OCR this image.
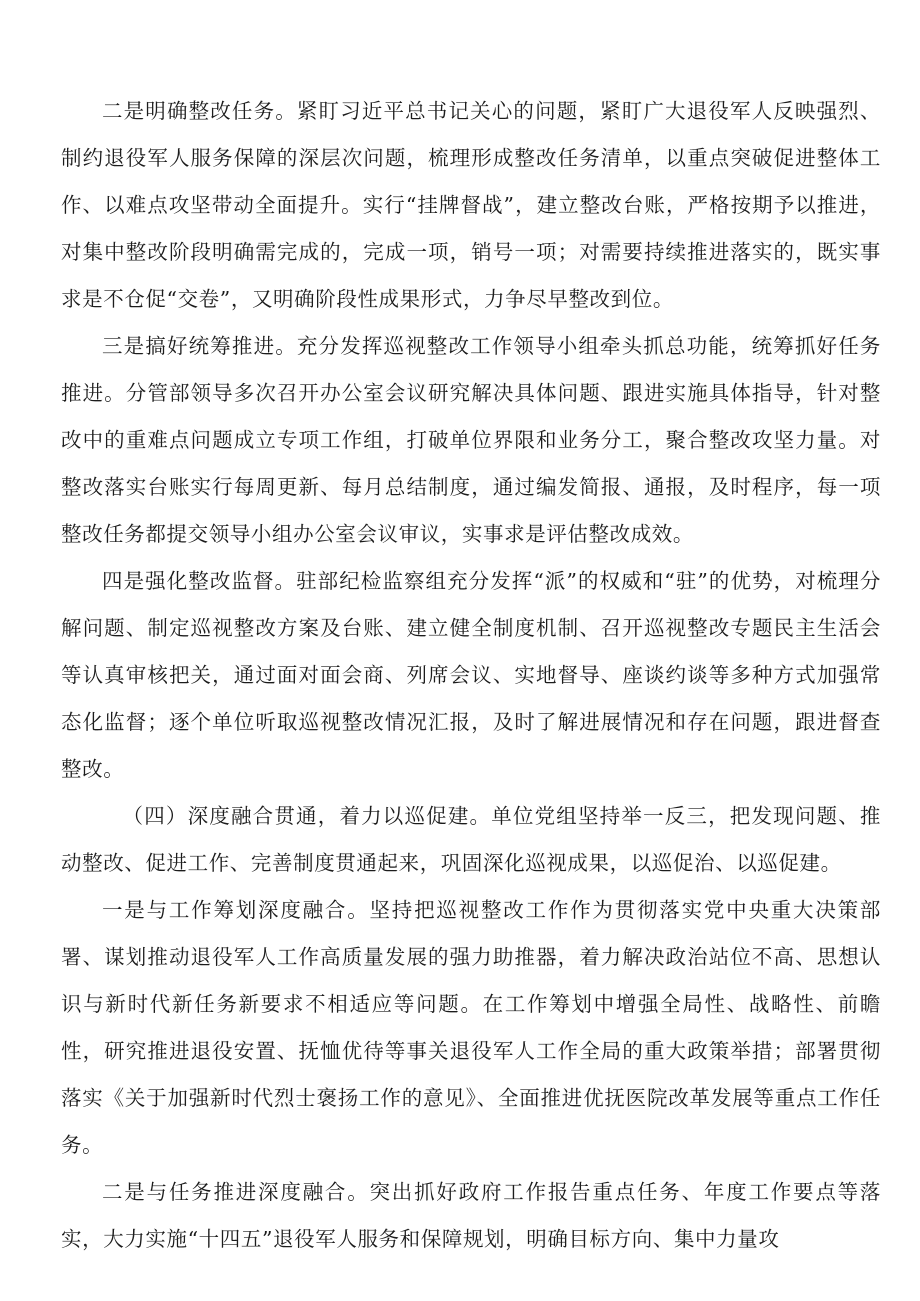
二是明确整改任务。紧盯习近平总书记关心的问题，紧盯广大退役军人反映强烈、制约退役军人服务保障的深层次问题，梳理形成整改任务清单，以重点突破促进整体工作、以难点攻坚带动全面提升。实行“挂牌督战”，建立整改台账，严格按期予以推进，对集中整改阶段明确需完成的，完成一项，销号一项；对需要持续推进落实的，既实事求是不仓促“交卷”，又明确阶段性成果形式，力争尽早整改到位。

三是搞好统筹推进。充分发挥巡视整改工作领导小组牵头抓总功能，统筹抓好任务推进。分管部领导多次召开办公室会议研究解决具体问题、跟进实施具体指导，针对整改中的重难点问题成立专项工作组，打破单位界限和业务分工，聚合整改攻坚力量。对整改落实台账实行每周更新、每月总结制度，通过编发简报、通报，及时程序，每一项整改任务都提交领导小组办公室会议审议，实事求是评估整改成效。

四是强化整改监督。驻部纪检监察组充分发挥“派”的权威和“驻”的优势，对梳理分解问题、制定巡视整改方案及台账、建立健全制度机制、召开巡视整改专题民主生活会等认真审核把关，通过面对面会商、列席会议、实地督导、座谈约谈等多种方式加强常态化监督；逐个单位听取巡视整改情况汇报，及时了解进展情况和存在问题，跟进督查整改。

（四）深度融合贯通，着力以巡促建。单位党组坚持举一反三，把发现问题、推动整改、促进工作、完善制度贯通起来，巩固深化巡视成果，以巡促治、以巡促建。

一是与工作筹划深度融合。坚持把巡视整改工作作为贯彻落实党中央重大决策部署、谋划推动退役军人工作高质量发展的强力助推器，着力解决政治站位不高、思想认识与新时代新任务新要求不相适应等问题。在工作筹划中增强全局性、战略性、前瞻性，研究推进退役安置、抚恤优待等事关退役军人工作全局的重大政策举措；部署贯彻落实《关于加强新时代烈士褒扬工作的意见》、全面推进优抚医院改革发展等重点工作任务。

二是与任务推进深度融合。突出抓好政府工作报告重点任务、年度工作要点等落实，大力实施“十四五”退役军人服务和保障规划，明确目标方向、集中力量攻
